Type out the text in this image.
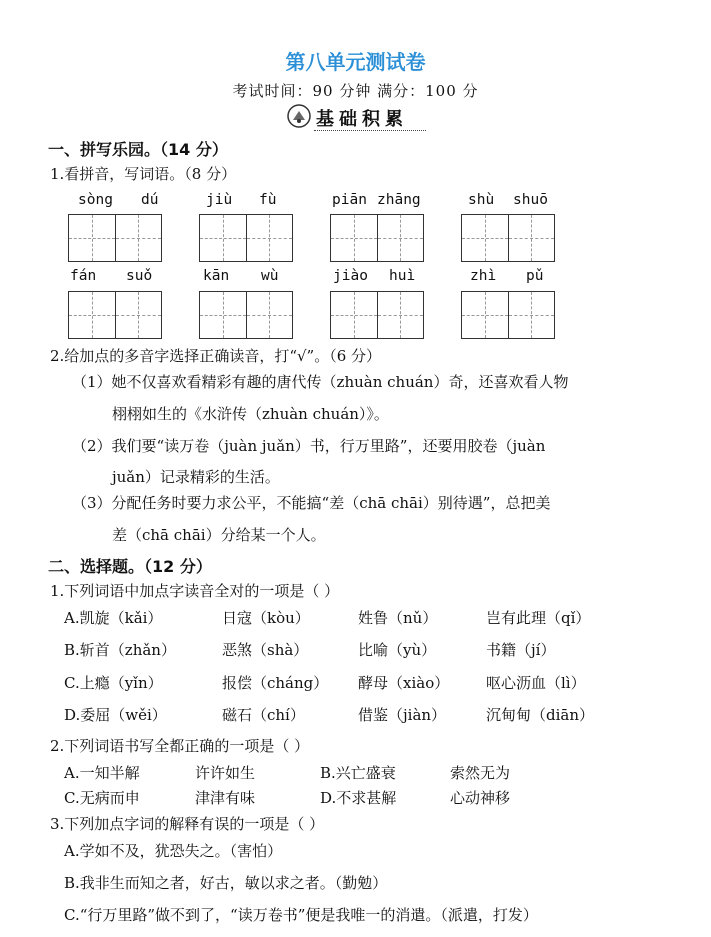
第八单元测试卷
考试时间：90 分钟 满分：100 分
基础积累
一、拼写乐园。（14 分）
1.看拼音，写词语。（8 分）
sòng dú	jiù fù	piān zhāng	shù shuō
fán suǒ	kān wù	jiào huì	zhì pǔ
2.给加点的多音字选择正确读音，打“√”。（6 分）
（1）她不仅喜欢看精彩有趣的唐代传（zhuàn chuán）奇，还喜欢看人物
栩栩如生的《水浒传（zhuàn chuán）》。
（2）我们要“读万卷（juàn juǎn）书，行万里路”，还要用胶卷（juàn
juǎn）记录精彩的生活。
（3）分配任务时要力求公平，不能搞“差（chā chāi）别待遇”，总把美
差（chā chāi）分给某一个人。
二、选择题。（12 分）
1.下列词语中加点字读音全对的一项是（ ）
A.凯旋（kǎi）	日寇（kòu）	姓鲁（nǔ）	岂有此理（qǐ）
B.斩首（zhǎn）	恶煞（shà）	比喻（yù）	书籍（jí）
C.上瘾（yǐn）	报偿（cháng） 酵母（xiào） 呕心沥血（lì）
D.委屈（wěi）	磁石（chí）	借鉴（jiàn）	沉甸甸（diān）
2.下列词语书写全都正确的一项是（ ）
A.一知半解	许许如生	B.兴亡盛衰	索然无为
C.无病而申	津津有味	D.不求甚解	心动神移
3.下列加点字词的解释有误的一项是（ ）
A.学如不及，犹恐失之。（害怕）
B.我非生而知之者，好古，敏以求之者。（勤勉）
C.“行万里路”做不到了，“读万卷书”便是我唯一的消遣。（派遣，打发）
